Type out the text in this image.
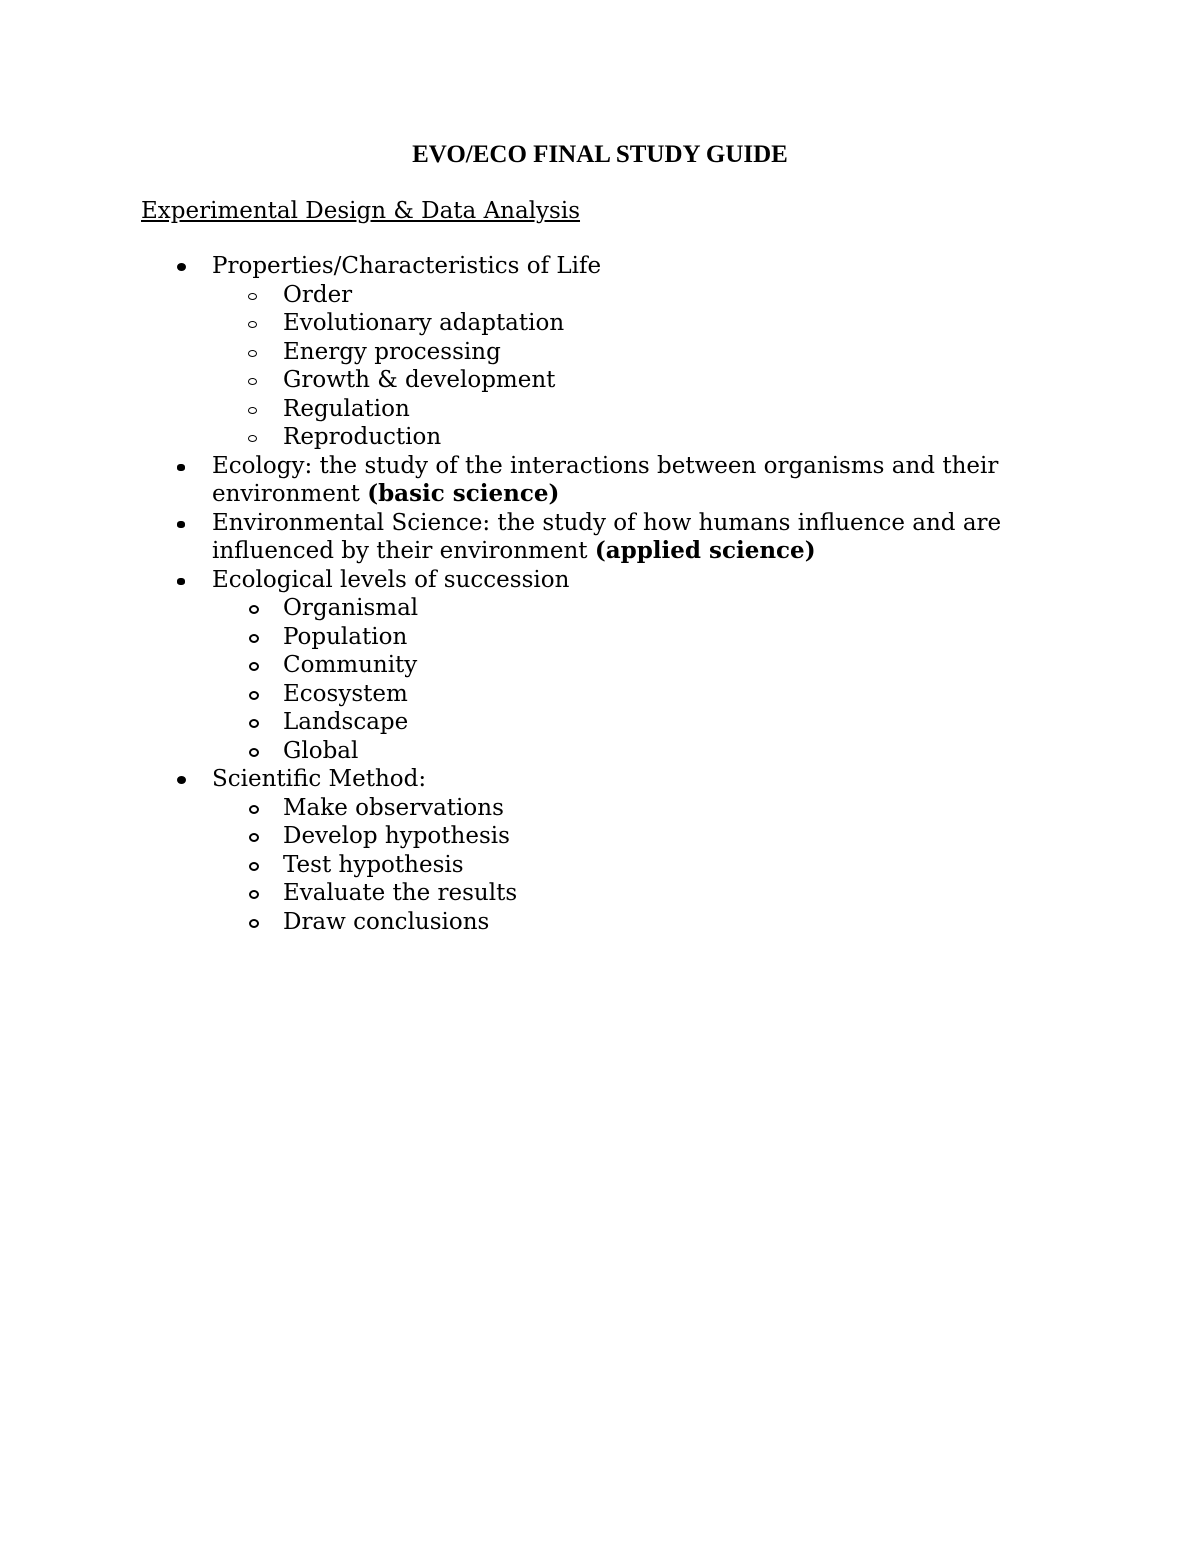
EVO/ECO FINAL STUDY GUIDE
Experimental Design & Data Analysis
Properties/Characteristics of Life
Order
Evolutionary adaptation
Energy processing
Growth & development
Regulation
Reproduction
Ecology: the study of the interactions between organisms and their environment (basic science)
Environmental Science: the study of how humans influence and are influenced by their environment (applied science)
Ecological levels of succession
Organismal
Population
Community
Ecosystem
Landscape
Global
Scientific Method:
Make observations
Develop hypothesis
Test hypothesis
Evaluate the results
Draw conclusions
